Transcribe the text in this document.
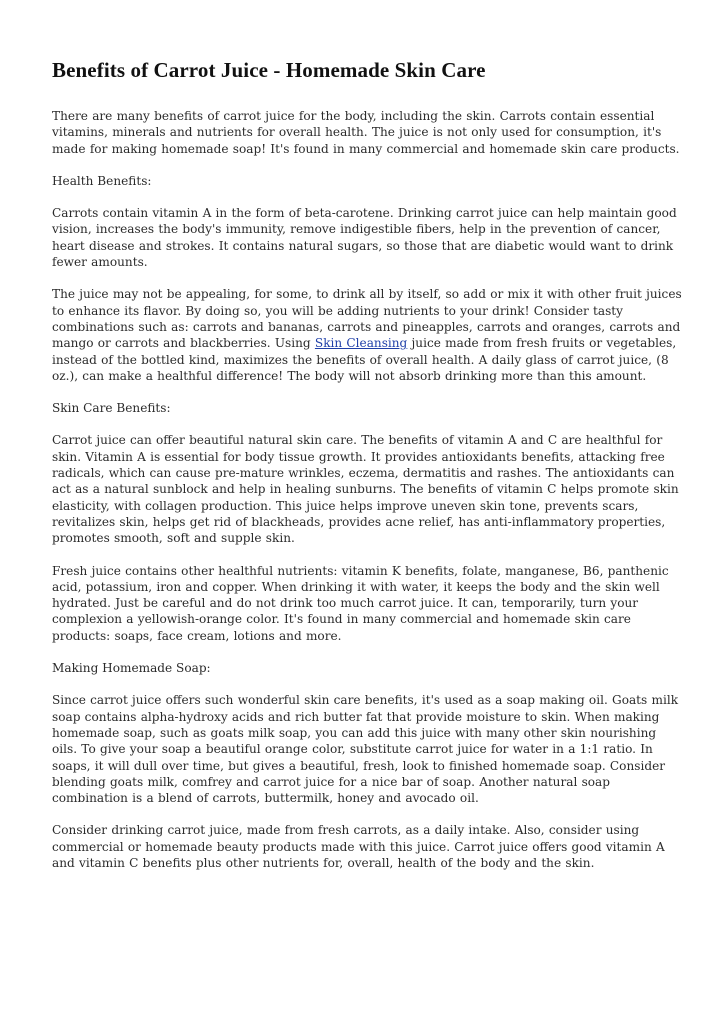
Benefits of Carrot Juice - Homemade Skin Care

There are many benefits of carrot juice for the body, including the skin. Carrots contain essential vitamins, minerals and nutrients for overall health. The juice is not only used for consumption, it's made for making homemade soap! It's found in many commercial and homemade skin care products.

Health Benefits:

Carrots contain vitamin A in the form of beta-carotene. Drinking carrot juice can help maintain good vision, increases the body's immunity, remove indigestible fibers, help in the prevention of cancer, heart disease and strokes. It contains natural sugars, so those that are diabetic would want to drink fewer amounts.

The juice may not be appealing, for some, to drink all by itself, so add or mix it with other fruit juices to enhance its flavor. By doing so, you will be adding nutrients to your drink! Consider tasty combinations such as: carrots and bananas, carrots and pineapples, carrots and oranges, carrots and mango or carrots and blackberries. Using Skin Cleansing juice made from fresh fruits or vegetables, instead of the bottled kind, maximizes the benefits of overall health. A daily glass of carrot juice, (8 oz.), can make a healthful difference! The body will not absorb drinking more than this amount.

Skin Care Benefits:

Carrot juice can offer beautiful natural skin care. The benefits of vitamin A and C are healthful for skin. Vitamin A is essential for body tissue growth. It provides antioxidants benefits, attacking free radicals, which can cause pre-mature wrinkles, eczema, dermatitis and rashes. The antioxidants can act as a natural sunblock and help in healing sunburns. The benefits of vitamin C helps promote skin elasticity, with collagen production. This juice helps improve uneven skin tone, prevents scars, revitalizes skin, helps get rid of blackheads, provides acne relief, has anti-inflammatory properties, promotes smooth, soft and supple skin.

Fresh juice contains other healthful nutrients: vitamin K benefits, folate, manganese, B6, panthenic acid, potassium, iron and copper. When drinking it with water, it keeps the body and the skin well hydrated. Just be careful and do not drink too much carrot juice. It can, temporarily, turn your complexion a yellowish-orange color. It's found in many commercial and homemade skin care products: soaps, face cream, lotions and more.

Making Homemade Soap:

Since carrot juice offers such wonderful skin care benefits, it's used as a soap making oil. Goats milk soap contains alpha-hydroxy acids and rich butter fat that provide moisture to skin. When making homemade soap, such as goats milk soap, you can add this juice with many other skin nourishing oils. To give your soap a beautiful orange color, substitute carrot juice for water in a 1:1 ratio. In soaps, it will dull over time, but gives a beautiful, fresh, look to finished homemade soap. Consider blending goats milk, comfrey and carrot juice for a nice bar of soap. Another natural soap combination is a blend of carrots, buttermilk, honey and avocado oil.

Consider drinking carrot juice, made from fresh carrots, as a daily intake. Also, consider using commercial or homemade beauty products made with this juice. Carrot juice offers good vitamin A and vitamin C benefits plus other nutrients for, overall, health of the body and the skin.
